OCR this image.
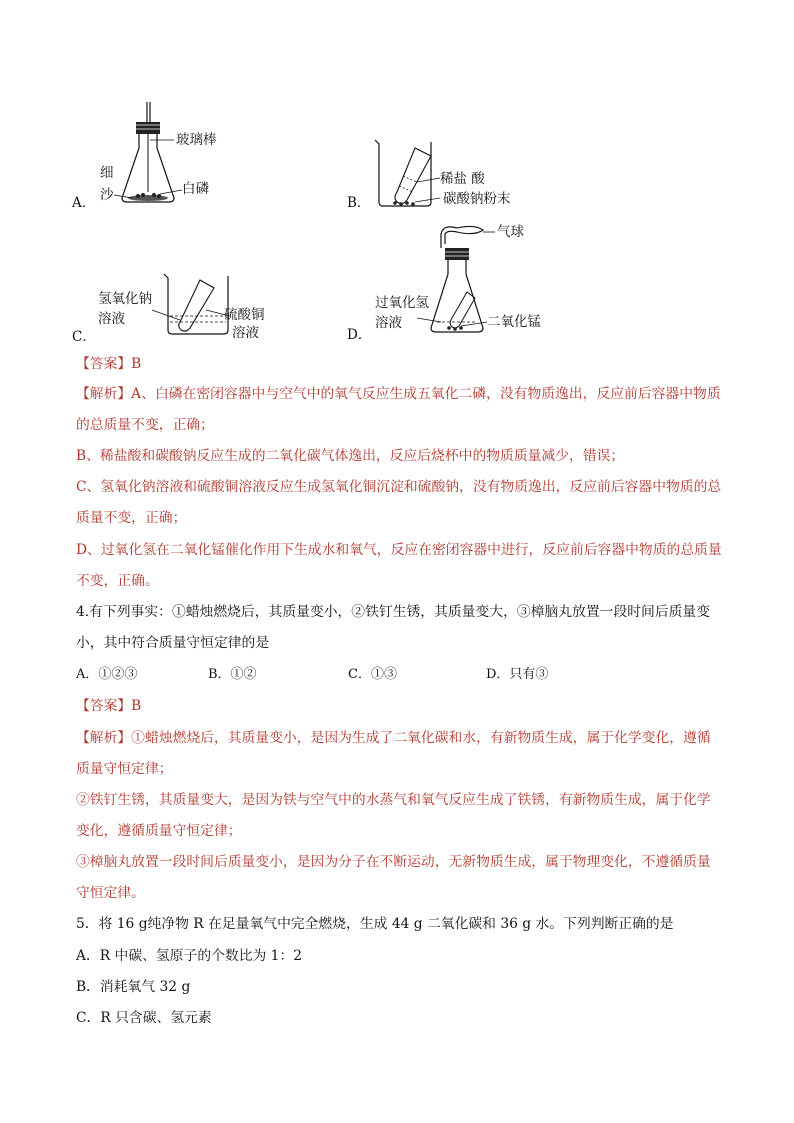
玻璃棒
细
沙	白磷
A．
稀盐 酸
碳酸钠粉末
B．
氢氧化钠
溶液	硫酸铜
溶液
C．
气球
过氧化氢
溶液	二氧化锰
D．
【答案】B
【解析】A、白磷在密闭容器中与空气中的氧气反应生成五氧化二磷，没有物质逸出，反应前后容器中物质
的总质量不变，正确；
B、稀盐酸和碳酸钠反应生成的二氧化碳气体逸出，反应后烧杯中的物质质量减少，错误；
C、氢氧化钠溶液和硫酸铜溶液反应生成氢氧化铜沉淀和硫酸钠，没有物质逸出，反应前后容器中物质的总
质量不变，正确；
D、过氧化氢在二氧化锰催化作用下生成水和氧气，反应在密闭容器中进行，反应前后容器中物质的总质量
不变，正确。
4.有下列事实：①蜡烛燃烧后，其质量变小，②铁钉生锈，其质量变大，③樟脑丸放置一段时间后质量变
小，其中符合质量守恒定律的是
A．①②③	B．①②	C．①③	D．只有③
【答案】B
【解析】①蜡烛燃烧后，其质量变小，是因为生成了二氧化碳和水，有新物质生成，属于化学变化，遵循
质量守恒定律；
②铁钉生锈，其质量变大，是因为铁与空气中的水蒸气和氧气反应生成了铁锈，有新物质生成，属于化学
变化，遵循质量守恒定律；
③樟脑丸放置一段时间后质量变小，是因为分子在不断运动，无新物质生成，属于物理变化，不遵循质量
守恒定律。
5．将 16 g纯净物 R 在足量氧气中完全燃烧，生成 44 g 二氧化碳和 36 g 水。下列判断正确的是
A．R 中碳、氢原子的个数比为 1：2
B．消耗氧气 32 g
C．R 只含碳、氢元素
